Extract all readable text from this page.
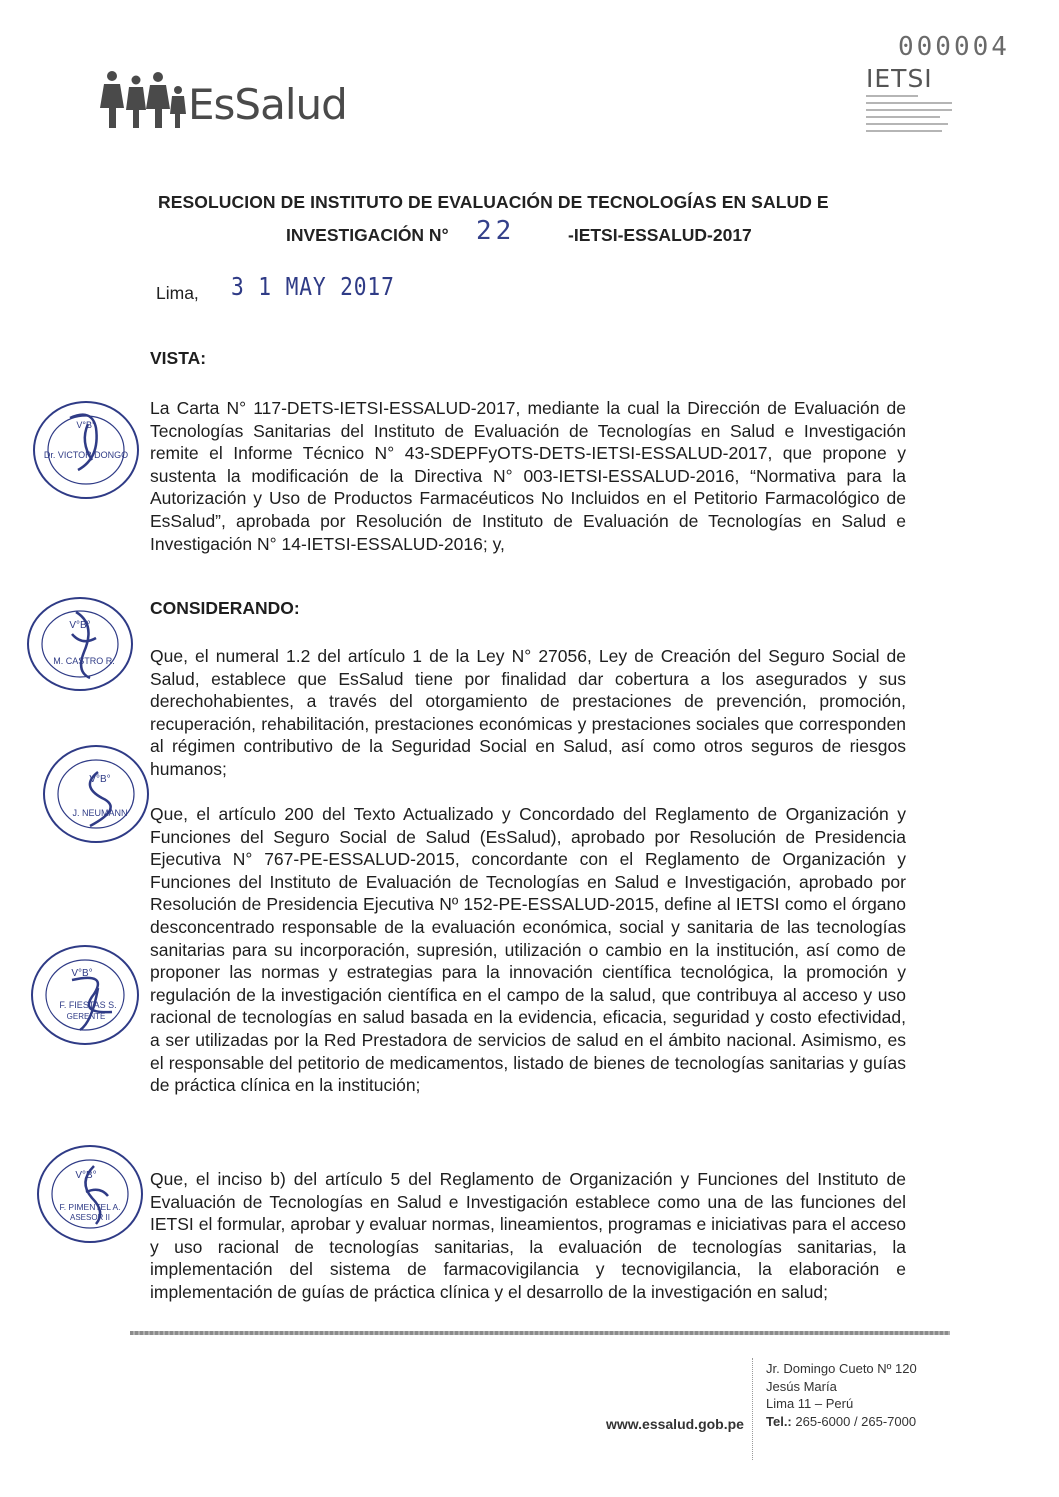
EsSalud
000004
IETSI
RESOLUCION DE INSTITUTO DE EVALUACIÓN DE TECNOLOGÍAS EN SALUD E
INVESTIGACIÓN N° 22	-IETSI-ESSALUD-2017
Lima, 3 1 MAY 2017
VISTA:
La Carta N° 117-DETS-IETSI-ESSALUD-2017, mediante la cual la Dirección de Evaluación de Tecnologías Sanitarias del Instituto de Evaluación de Tecnologías en Salud e Investigación remite el Informe Técnico N° 43-SDEPFyOTS-DETS-IETSI-ESSALUD-2017, que propone y sustenta la modificación de la Directiva N° 003-IETSI-ESSALUD-2016, “Normativa para la Autorización y Uso de Productos Farmacéuticos No Incluidos en el Petitorio Farmacológico de EsSalud”, aprobada por Resolución de Instituto de Evaluación de Tecnologías en Salud e Investigación N° 14-IETSI-ESSALUD-2016; y,
CONSIDERANDO:
Que, el numeral 1.2 del artículo 1 de la Ley N° 27056, Ley de Creación del Seguro Social de Salud, establece que EsSalud tiene por finalidad dar cobertura a los asegurados y sus derechohabientes, a través del otorgamiento de prestaciones de prevención, promoción, recuperación, rehabilitación, prestaciones económicas y prestaciones sociales que corresponden al régimen contributivo de la Seguridad Social en Salud, así como otros seguros de riesgos humanos;
Que, el artículo 200 del Texto Actualizado y Concordado del Reglamento de Organización y Funciones del Seguro Social de Salud (EsSalud), aprobado por Resolución de Presidencia Ejecutiva N° 767-PE-ESSALUD-2015, concordante con el Reglamento de Organización y Funciones del Instituto de Evaluación de Tecnologías en Salud e Investigación, aprobado por Resolución de Presidencia Ejecutiva Nº 152-PE-ESSALUD-2015, define al IETSI como el órgano desconcentrado responsable de la evaluación económica, social y sanitaria de las tecnologías sanitarias para su incorporación, supresión, utilización o cambio en la institución, así como de proponer las normas y estrategias para la innovación científica tecnológica, la promoción y regulación de la investigación científica en el campo de la salud, que contribuya al acceso y uso racional de tecnologías en salud basada en la evidencia, eficacia, seguridad y costo efectividad, a ser utilizadas por la Red Prestadora de servicios de salud en el ámbito nacional. Asimismo, es el responsable del petitorio de medicamentos, listado de bienes de tecnologías sanitarias y guías de práctica clínica en la institución;
Que, el inciso b) del artículo 5 del Reglamento de Organización y Funciones del Instituto de Evaluación de Tecnologías en Salud e Investigación establece como una de las funciones del IETSI el formular, aprobar y evaluar normas, lineamientos, programas e iniciativas para el acceso y uso racional de tecnologías sanitarias, la evaluación de tecnologías sanitarias, la implementación del sistema de farmacovigilancia y tecnovigilancia, la elaboración e implementación de guías de práctica clínica y el desarrollo de la investigación en salud;
Dr. VICTOR DONGO
V°B°
V°B°
M. CASTRO R.
V°B°
J. NEUMANN
V°B°
F. FIESTAS S.
GERENTE
V°B°
F. PIMENTEL A.
ASESOR II
www.essalud.gob.pe
Jr. Domingo Cueto Nº 120
Jesús María
Lima 11 – Perú
Tel.: 265-6000 / 265-7000
